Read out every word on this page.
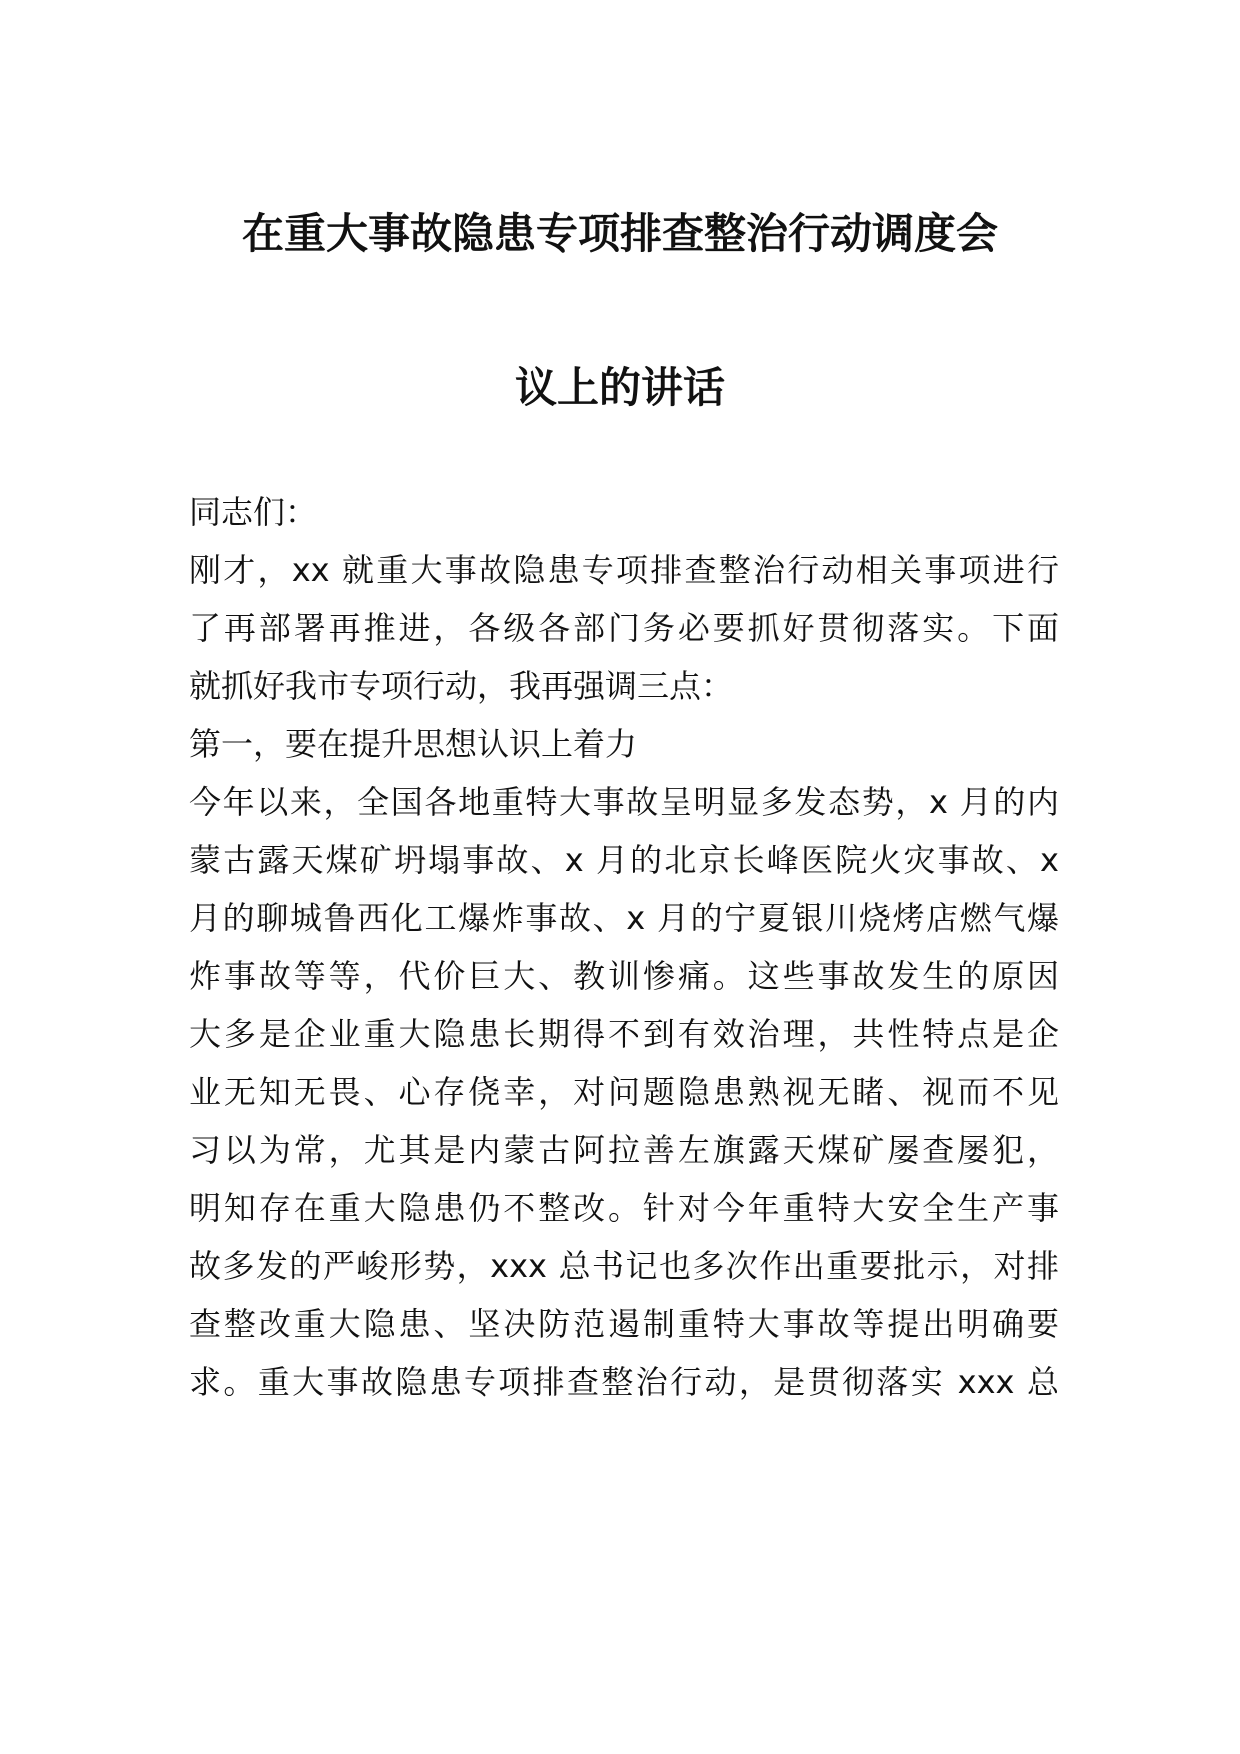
在重大事故隐患专项排查整治行动调度会
议上的讲话

同志们：

刚才，xx 就重大事故隐患专项排查整治行动相关事项进行

了再部署再推进，各级各部门务必要抓好贯彻落实。下面

就抓好我市专项行动，我再强调三点：

第一，要在提升思想认识上着力

今年以来，全国各地重特大事故呈明显多发态势，x 月的内

蒙古露天煤矿坍塌事故、x 月的北京长峰医院火灾事故、x

月的聊城鲁西化工爆炸事故、x 月的宁夏银川烧烤店燃气爆

炸事故等等，代价巨大、教训惨痛。这些事故发生的原因

大多是企业重大隐患长期得不到有效治理，共性特点是企

业无知无畏、心存侥幸，对问题隐患熟视无睹、视而不见

习以为常，尤其是内蒙古阿拉善左旗露天煤矿屡查屡犯，

明知存在重大隐患仍不整改。针对今年重特大安全生产事

故多发的严峻形势，xxx 总书记也多次作出重要批示，对排

查整改重大隐患、坚决防范遏制重特大事故等提出明确要

求。重大事故隐患专项排查整治行动，是贯彻落实 xxx 总
